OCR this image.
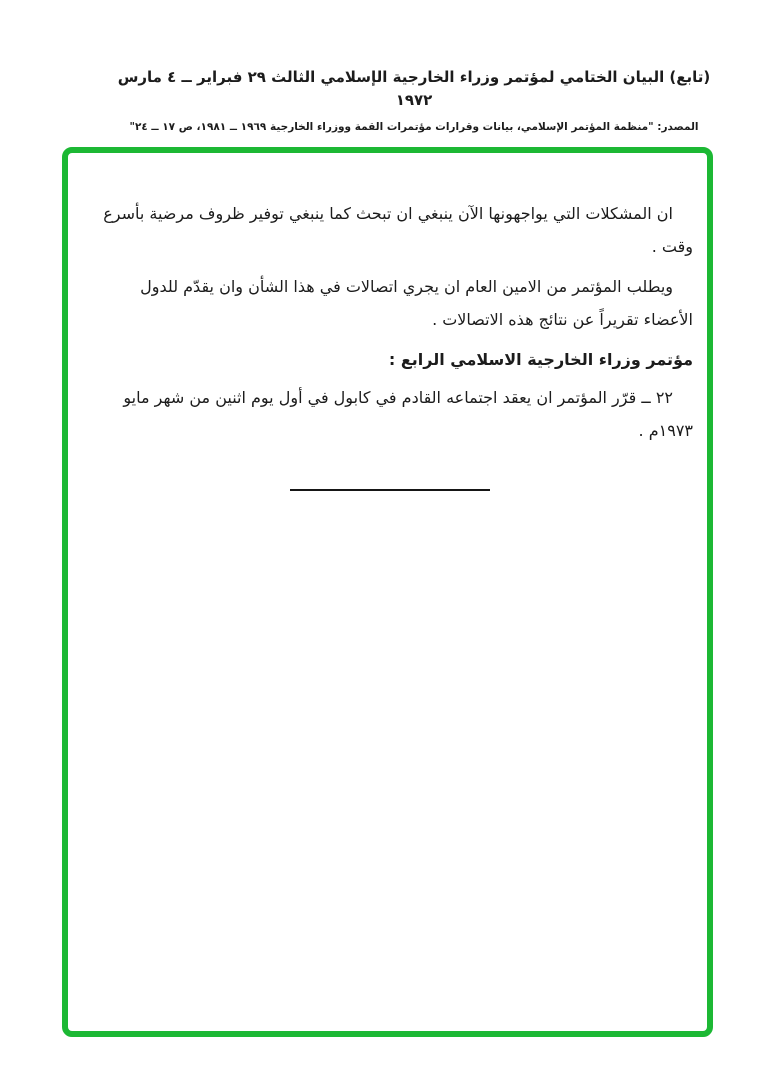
(تابع) البيان الختامي لمؤتمر وزراء الخارجية الإسلامي الثالث ٢٩ فبراير ــ ٤ مارس ١٩٧٢
المصدر: "منظمة المؤتمر الإسلامي، بيانات وقرارات مؤتمرات القمة ووزراء الخارجية ١٩٦٩ ــ ١٩٨١، ص ١٧ ــ ٢٤"

ان المشكلات التي يواجهونها الآن ينبغي ان تبحث كما ينبغي توفير ظروف مرضية بأسرع وقت .

ويطلب المؤتمر من الامين العام ان يجري اتصالات في هذا الشأن وان يقدّم للدول الأعضاء تقريراً عن نتائج هذه الاتصالات .

مؤتمر وزراء الخارجية الاسلامي الرابع :

٢٢ ــ قرّر المؤتمر ان يعقد اجتماعه القادم في كابول في أول يوم اثنين من شهر مايو ١٩٧٣م .
